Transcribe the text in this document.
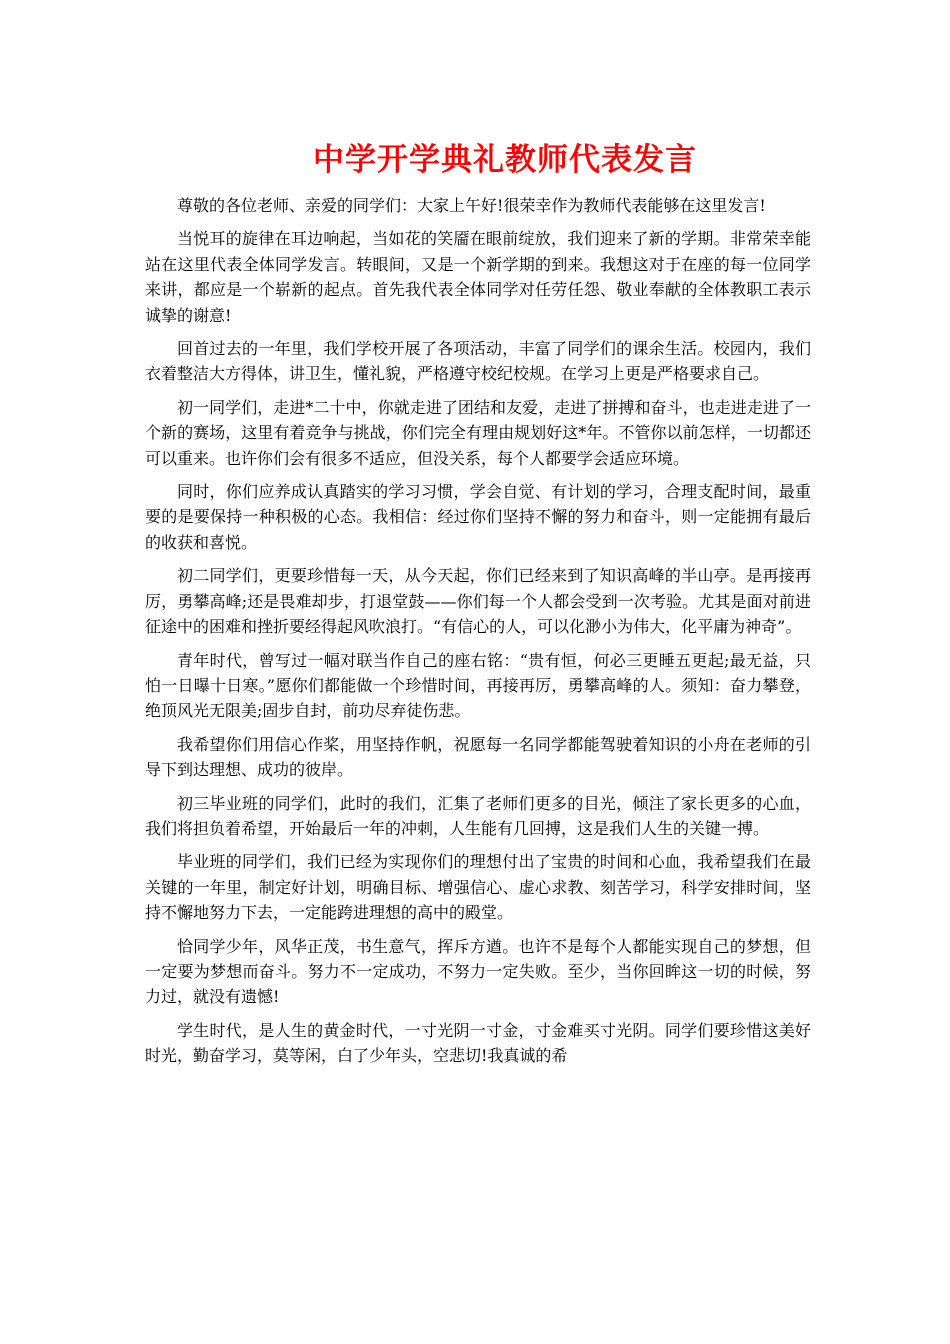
中学开学典礼教师代表发言

尊敬的各位老师、亲爱的同学们：大家上午好!很荣幸作为教师代表能够在这里发言!

当悦耳的旋律在耳边响起，当如花的笑靥在眼前绽放，我们迎来了新的学期。非常荣幸能站在这里代表全体同学发言。转眼间，又是一个新学期的到来。我想这对于在座的每一位同学来讲，都应是一个崭新的起点。首先我代表全体同学对任劳任怨、敬业奉献的全体教职工表示诚挚的谢意!

回首过去的一年里，我们学校开展了各项活动，丰富了同学们的课余生活。校园内，我们衣着整洁大方得体，讲卫生，懂礼貌，严格遵守校纪校规。在学习上更是严格要求自己。

初一同学们，走进*二十中，你就走进了团结和友爱，走进了拼搏和奋斗，也走进走进了一个新的赛场，这里有着竞争与挑战，你们完全有理由规划好这*年。不管你以前怎样，一切都还可以重来。也许你们会有很多不适应，但没关系，每个人都要学会适应环境。

同时，你们应养成认真踏实的学习习惯，学会自觉、有计划的学习，合理支配时间，最重要的是要保持一种积极的心态。我相信：经过你们坚持不懈的努力和奋斗，则一定能拥有最后的收获和喜悦。

初二同学们，更要珍惜每一天，从今天起，你们已经来到了知识高峰的半山亭。是再接再厉，勇攀高峰;还是畏难却步，打退堂鼓——你们每一个人都会受到一次考验。尤其是面对前进征途中的困难和挫折要经得起风吹浪打。“有信心的人，可以化渺小为伟大，化平庸为神奇”。

青年时代，曾写过一幅对联当作自己的座右铭：“贵有恒，何必三更睡五更起;最无益，只怕一日曝十日寒。”愿你们都能做一个珍惜时间，再接再厉，勇攀高峰的人。须知：奋力攀登，绝顶风光无限美;固步自封，前功尽弃徒伤悲。

我希望你们用信心作桨，用坚持作帆，祝愿每一名同学都能驾驶着知识的小舟在老师的引导下到达理想、成功的彼岸。

初三毕业班的同学们，此时的我们，汇集了老师们更多的目光，倾注了家长更多的心血，我们将担负着希望，开始最后一年的冲刺，人生能有几回搏，这是我们人生的关键一搏。

毕业班的同学们，我们已经为实现你们的理想付出了宝贵的时间和心血，我希望我们在最关键的一年里，制定好计划，明确目标、增强信心、虚心求教、刻苦学习，科学安排时间，坚持不懈地努力下去，一定能跨进理想的高中的殿堂。

恰同学少年，风华正茂，书生意气，挥斥方遒。也许不是每个人都能实现自己的梦想，但一定要为梦想而奋斗。努力不一定成功，不努力一定失败。至少，当你回眸这一切的时候，努力过，就没有遗憾!

学生时代，是人生的黄金时代，一寸光阴一寸金，寸金难买寸光阴。同学们要珍惜这美好时光，勤奋学习，莫等闲，白了少年头，空悲切!我真诚的希
